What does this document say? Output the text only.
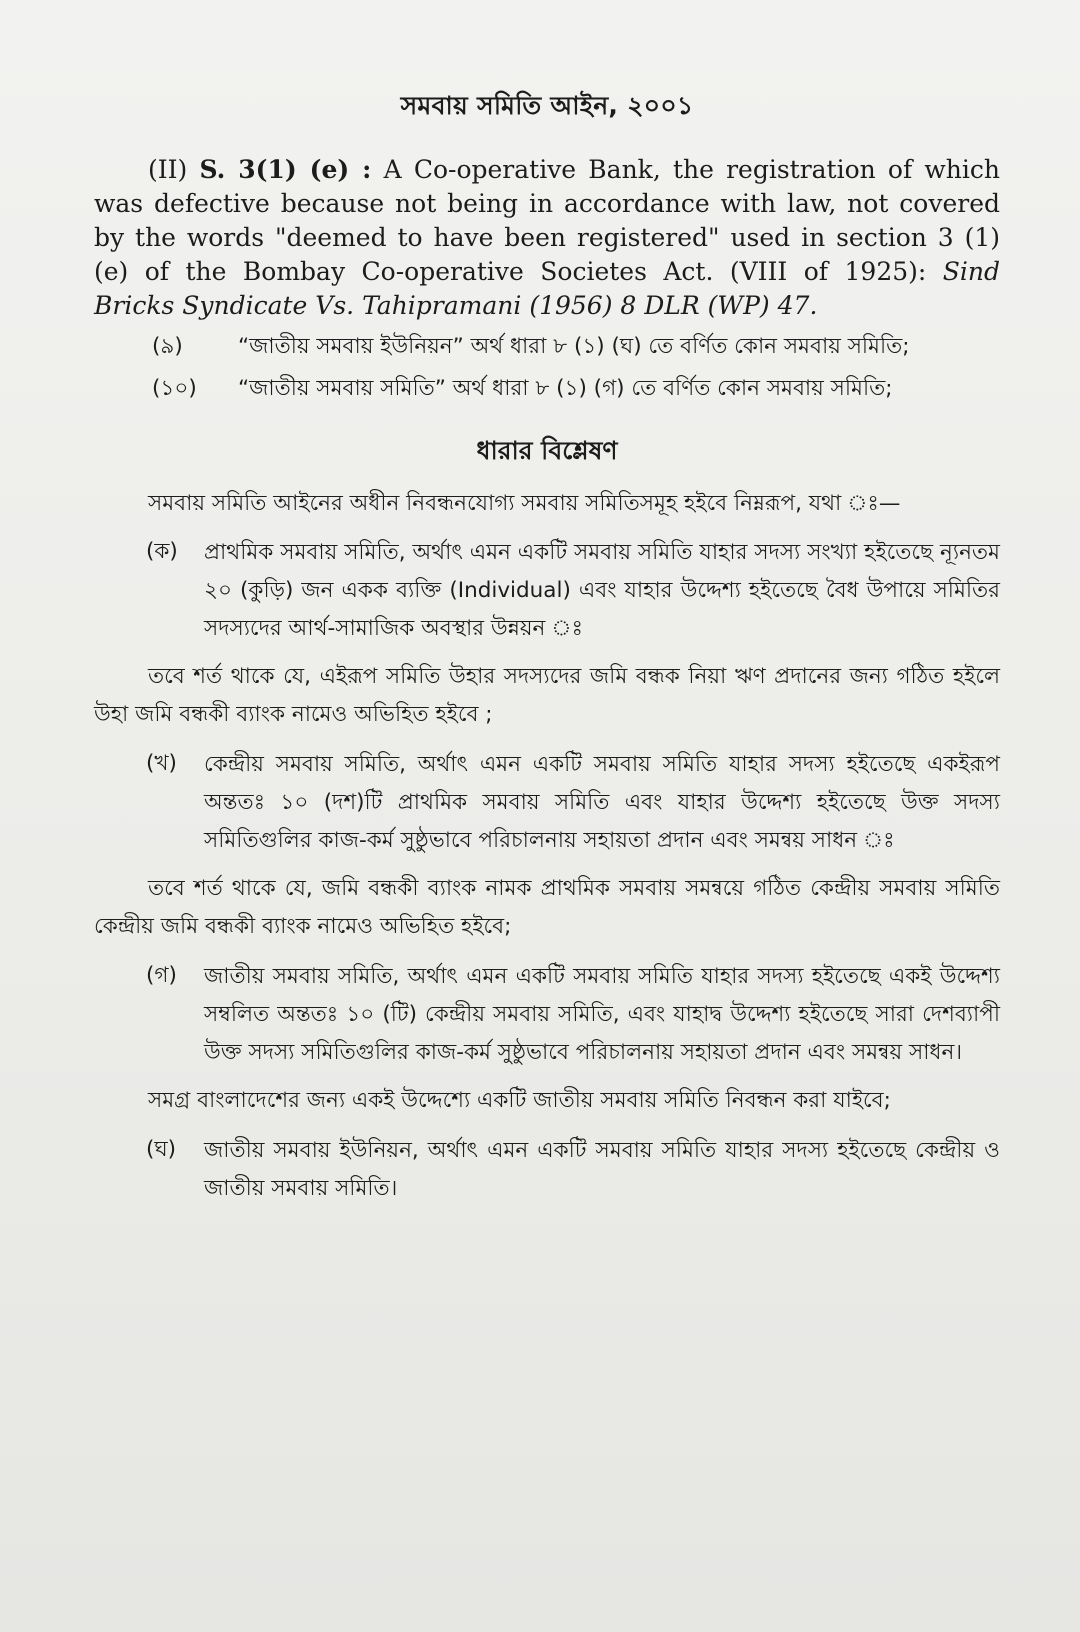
সমবায় সমিতি আইন, ২০০১

(II) S. 3(1) (e) : A Co-operative Bank, the registration of which was defective because not being in accordance with law, not covered by the words "deemed to have been registered" used in section 3 (1) (e) of the Bombay Co-operative Societes Act. (VIII of 1925): Sind Bricks Syndicate Vs. Tahipramani (1956) 8 DLR (WP) 47.

(৯)	“জাতীয় সমবায় ইউনিয়ন” অর্থ ধারা ৮ (১) (ঘ) তে বর্ণিত কোন সমবায় সমিতি;
(১০)	“জাতীয় সমবায় সমিতি” অর্থ ধারা ৮ (১) (গ) তে বর্ণিত কোন সমবায় সমিতি;
ধারার বিশ্লেষণ

সমবায় সমিতি আইনের অধীন নিবন্ধনযোগ্য সমবায় সমিতিসমূহ হইবে নিম্নরূপ, যথা ঃ—

(ক)	প্রাথমিক সমবায় সমিতি, অর্থাৎ এমন একটি সমবায় সমিতি যাহার সদস্য সংখ্যা হইতেছে ন্যূনতম ২০ (কুড়ি) জন একক ব্যক্তি (Individual) এবং যাহার উদ্দেশ্য হইতেছে বৈধ উপায়ে সমিতির সদস্যদের আর্থ-সামাজিক অবস্থার উন্নয়ন ঃ

তবে শর্ত থাকে যে, এইরূপ সমিতি উহার সদস্যদের জমি বন্ধক নিয়া ঋণ প্রদানের জন্য গঠিত হইলে উহা জমি বন্ধকী ব্যাংক নামেও অভিহিত হইবে ;

(খ)	কেন্দ্রীয় সমবায় সমিতি, অর্থাৎ এমন একটি সমবায় সমিতি যাহার সদস্য হইতেছে একইরূপ অন্ততঃ ১০ (দশ)টি প্রাথমিক সমবায় সমিতি এবং যাহার উদ্দেশ্য হইতেছে উক্ত সদস্য সমিতিগুলির কাজ-কর্ম সুষ্ঠুভাবে পরিচালনায় সহায়তা প্রদান এবং সমন্বয় সাধন ঃ

তবে শর্ত থাকে যে, জমি বন্ধকী ব্যাংক নামক প্রাথমিক সমবায় সমন্বয়ে গঠিত কেন্দ্রীয় সমবায় সমিতি কেন্দ্রীয় জমি বন্ধকী ব্যাংক নামেও অভিহিত হইবে;

(গ)	জাতীয় সমবায় সমিতি, অর্থাৎ এমন একটি সমবায় সমিতি যাহার সদস্য হইতেছে একই উদ্দেশ্য সম্বলিত অন্ততঃ ১০ (টি) কেন্দ্রীয় সমবায় সমিতি, এবং যাহাদ্ব উদ্দেশ্য হইতেছে সারা দেশব্যাপী উক্ত সদস্য সমিতিগুলির কাজ-কর্ম সুষ্ঠুভাবে পরিচালনায় সহায়তা প্রদান এবং সমন্বয় সাধন।

সমগ্র বাংলাদেশের জন্য একই উদ্দেশ্যে একটি জাতীয় সমবায় সমিতি নিবন্ধন করা যাইবে;

(ঘ)	জাতীয় সমবায় ইউনিয়ন, অর্থাৎ এমন একটি সমবায় সমিতি যাহার সদস্য হইতেছে কেন্দ্রীয় ও জাতীয় সমবায় সমিতি।
